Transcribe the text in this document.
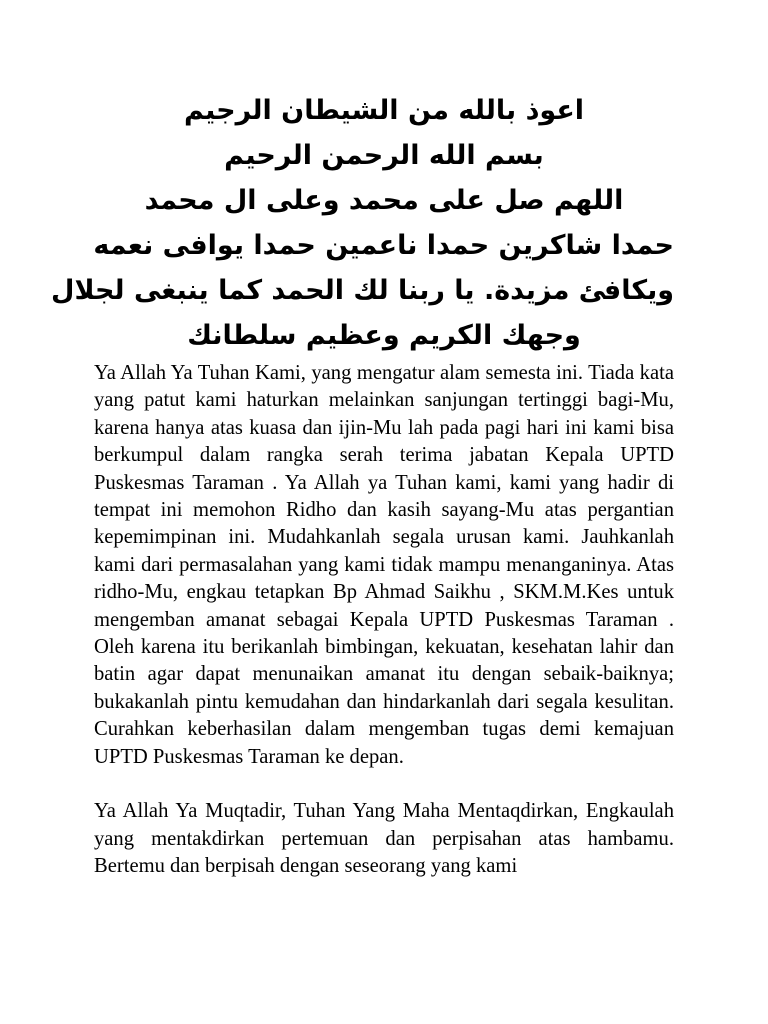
اعوذ بالله من الشيطان الرجيم
بسم الله الرحمن الرحيم
اللهم صل على محمد وعلى ال محمد
حمدا شاكرين حمدا ناعمين حمدا يوافى نعمه
ويكافئ مزيدة. يا ربنا لك الحمد كما ينبغى لجلال
وجهك الكريم وعظيم سلطانك

Ya Allah Ya Tuhan Kami, yang mengatur alam semesta ini. Tiada kata yang patut kami haturkan melainkan sanjungan tertinggi bagi-Mu, karena hanya atas kuasa dan ijin-Mu lah pada pagi hari ini kami bisa berkumpul dalam rangka serah terima jabatan Kepala UPTD Puskesmas Taraman . Ya Allah ya Tuhan kami, kami yang hadir di tempat ini memohon Ridho dan kasih sayang-Mu atas pergantian kepemimpinan ini. Mudahkanlah segala urusan kami. Jauhkanlah kami dari permasalahan yang kami tidak mampu menanganinya. Atas ridho-Mu, engkau tetapkan Bp Ahmad Saikhu , SKM.M.Kes untuk mengemban amanat sebagai Kepala UPTD Puskesmas Taraman . Oleh karena itu berikanlah bimbingan, kekuatan, kesehatan lahir dan batin agar dapat menunaikan amanat itu dengan sebaik-baiknya; bukakanlah pintu kemudahan dan hindarkanlah dari segala kesulitan. Curahkan keberhasilan dalam mengemban tugas demi kemajuan UPTD Puskesmas Taraman ke depan.

Ya Allah Ya Muqtadir, Tuhan Yang Maha Mentaqdirkan, Engkaulah yang mentakdirkan pertemuan dan perpisahan atas hambamu. Bertemu dan berpisah dengan seseorang yang kami
